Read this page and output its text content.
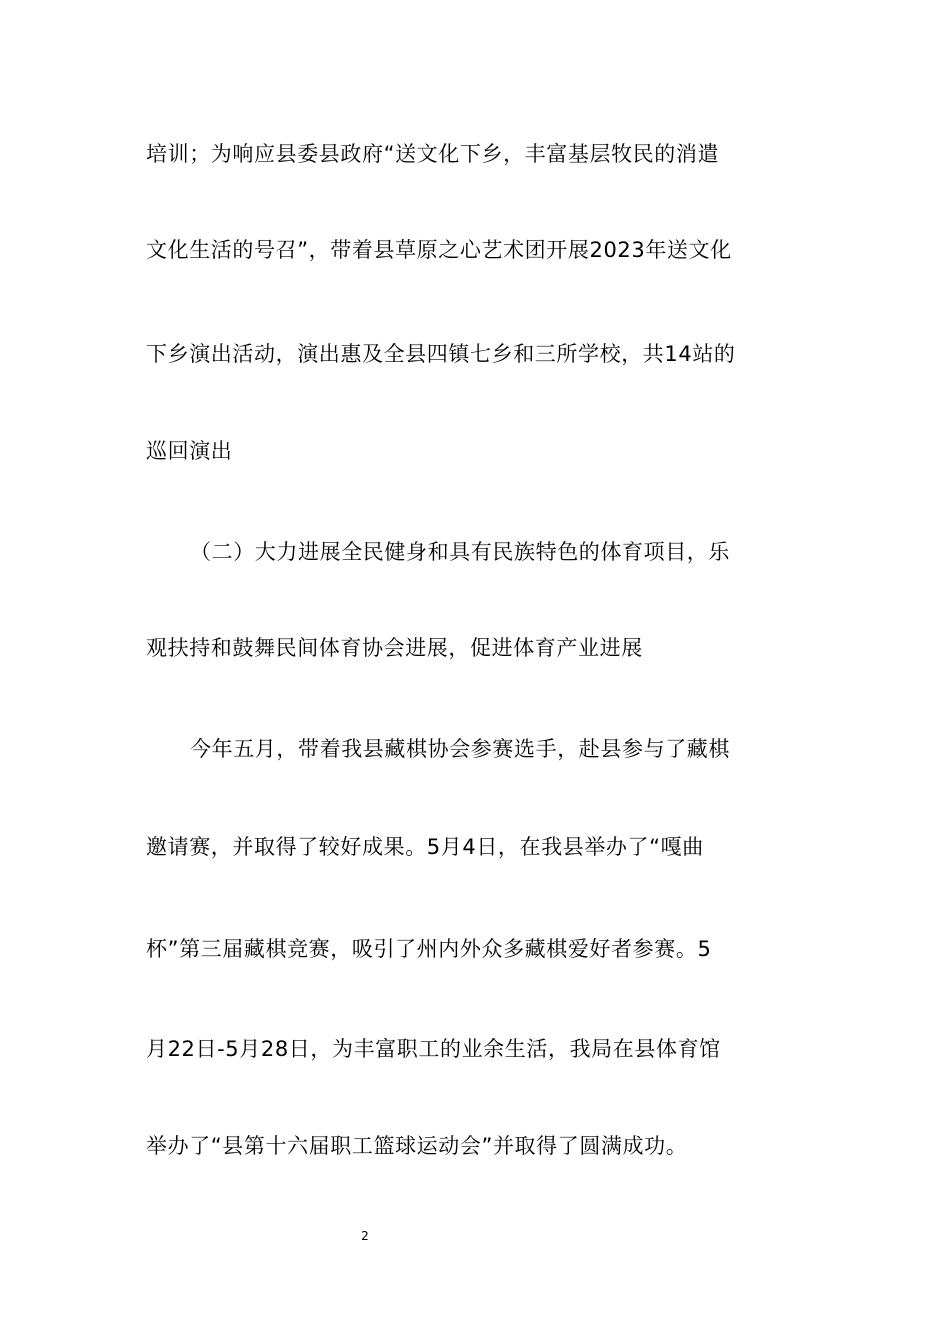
培训；为响应县委县政府“送文化下乡，丰富基层牧民的消遣
文化生活的号召”，带着县草原之心艺术团开展2023年送文化
下乡演出活动，演出惠及全县四镇七乡和三所学校，共14站的
巡回演出
（二）大力进展全民健身和具有民族特色的体育项目，乐
观扶持和鼓舞民间体育协会进展，促进体育产业进展
今年五月，带着我县藏棋协会参赛选手，赴县参与了藏棋
邀请赛，并取得了较好成果。5月4日，在我县举办了“嘎曲
杯”第三届藏棋竞赛，吸引了州内外众多藏棋爱好者参赛。5
月22日-5月28日，为丰富职工的业余生活，我局在县体育馆
举办了“县第十六届职工篮球运动会”并取得了圆满成功。
2
